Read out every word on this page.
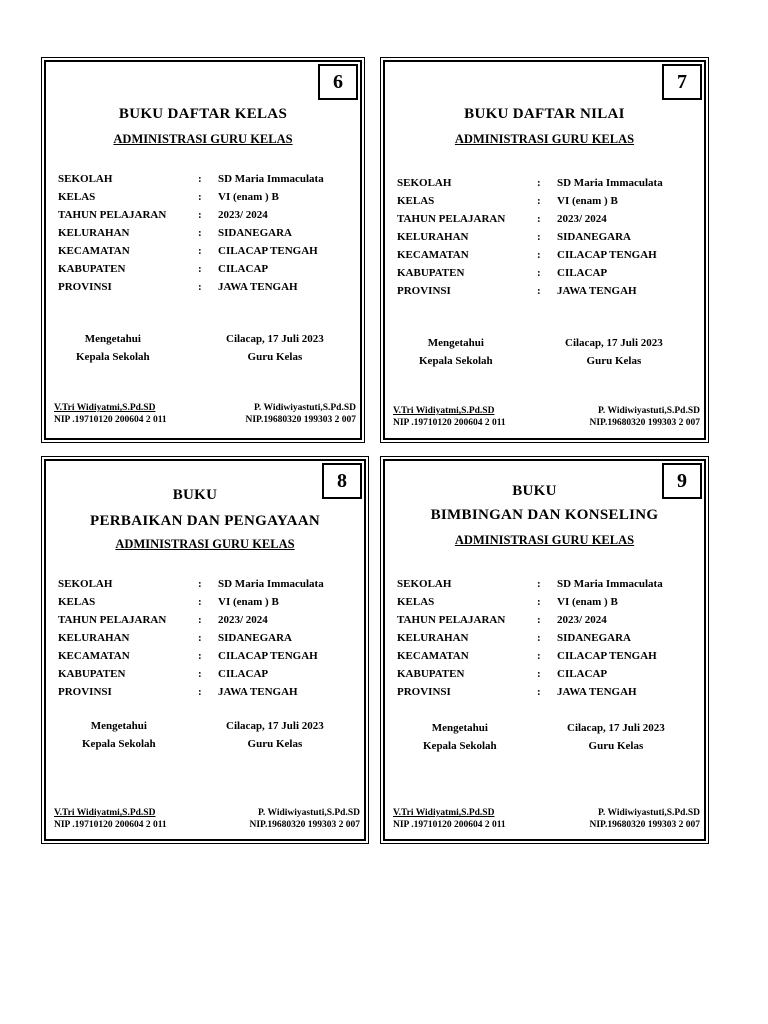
6
BUKU DAFTAR KELAS
ADMINISTRASI GURU KELAS
SEKOLAH	:	SD Maria Immaculata
KELAS	:	VI (enam ) B
TAHUN PELAJARAN	:	2023/ 2024
KELURAHAN	:	SIDANEGARA
KECAMATAN	:	CILACAP TENGAH
KABUPATEN	:	CILACAP
PROVINSI	:	JAWA TENGAH
Mengetahui
Kepala Sekolah
Cilacap, 17 Juli 2023
Guru Kelas
V.Tri Widiyatmi,S.Pd.SD	P. Widiwiyastuti,S.Pd.SD
NIP .19710120 200604 2 011	NIP.19680320 199303 2 007
7
BUKU DAFTAR NILAI
ADMINISTRASI GURU KELAS
SEKOLAH	:	SD Maria Immaculata
KELAS	:	VI (enam ) B
TAHUN PELAJARAN	:	2023/ 2024
KELURAHAN	:	SIDANEGARA
KECAMATAN	:	CILACAP TENGAH
KABUPATEN	:	CILACAP
PROVINSI	:	JAWA TENGAH
Mengetahui
Kepala Sekolah
Cilacap, 17 Juli 2023
Guru Kelas
V.Tri Widiyatmi,S.Pd.SD	P. Widiwiyastuti,S.Pd.SD
NIP .19710120 200604 2 011	NIP.19680320 199303 2 007
8
BUKU
PERBAIKAN DAN PENGAYAAN
ADMINISTRASI GURU KELAS
SEKOLAH	:	SD Maria Immaculata
KELAS	:	VI (enam ) B
TAHUN PELAJARAN	:	2023/ 2024
KELURAHAN	:	SIDANEGARA
KECAMATAN	:	CILACAP TENGAH
KABUPATEN	:	CILACAP
PROVINSI	:	JAWA TENGAH
Mengetahui
Kepala Sekolah
Cilacap, 17 Juli 2023
Guru Kelas
V.Tri Widiyatmi,S.Pd.SD	P. Widiwiyastuti,S.Pd.SD
NIP .19710120 200604 2 011	NIP.19680320 199303 2 007
9
BUKU
BIMBINGAN DAN KONSELING
ADMINISTRASI GURU KELAS
SEKOLAH	:	SD Maria Immaculata
KELAS	:	VI (enam ) B
TAHUN PELAJARAN	:	2023/ 2024
KELURAHAN	:	SIDANEGARA
KECAMATAN	:	CILACAP TENGAH
KABUPATEN	:	CILACAP
PROVINSI	:	JAWA TENGAH
Mengetahui
Kepala Sekolah
Cilacap, 17 Juli 2023
Guru Kelas
V.Tri Widiyatmi,S.Pd.SD	P. Widiwiyastuti,S.Pd.SD
NIP .19710120 200604 2 011	NIP.19680320 199303 2 007
